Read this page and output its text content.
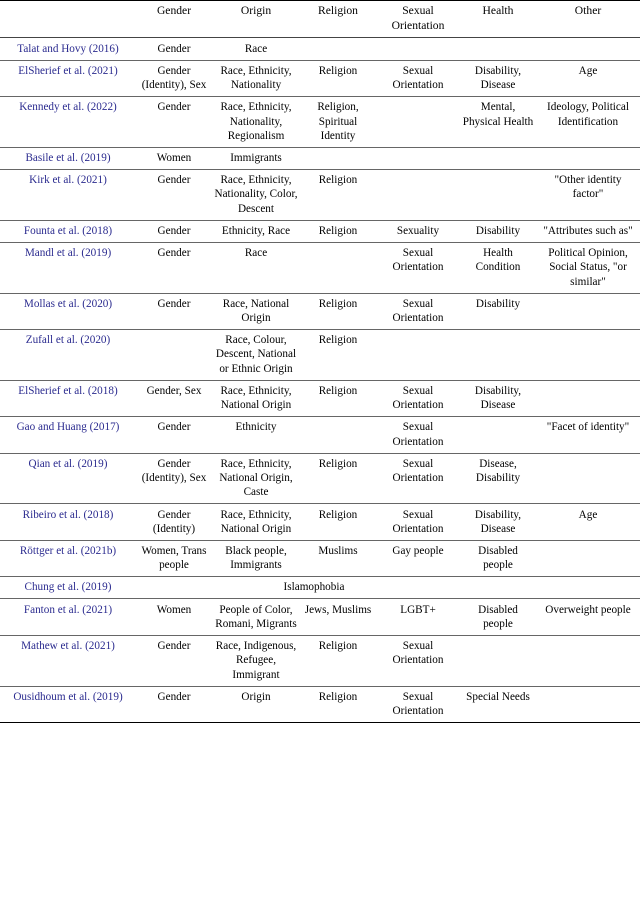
	Gender	Origin	Religion	Sexual Orientation	Health	Other
Talat and Hovy (2016)	Gender	Race				
ElSherief et al. (2021)	Gender (Identity), Sex	Race, Ethnicity, Nationality	Religion	Sexual Orientation	Disability, Disease	Age
Kennedy et al. (2022)	Gender	Race, Ethnicity, Nationality, Regionalism	Religion, Spiritual Identity		Mental, Physical Health	Ideology, Political Identification
Basile et al. (2019)	Women	Immigrants				
Kirk et al. (2021)	Gender	Race, Ethnicity, Nationality, Color, Descent	Religion			"Other identity factor"
Founta et al. (2018)	Gender	Ethnicity, Race	Religion	Sexuality	Disability	"Attributes such as"
Mandl et al. (2019)	Gender	Race		Sexual Orientation	Health Condition	Political Opinion, Social Status, "or similar"
Mollas et al. (2020)	Gender	Race, National Origin	Religion	Sexual Orientation	Disability	
Zufall et al. (2020)		Race, Colour, Descent, National or Ethnic Origin	Religion			
ElSherief et al. (2018)	Gender, Sex	Race, Ethnicity, National Origin	Religion	Sexual Orientation	Disability, Disease	
Gao and Huang (2017)	Gender	Ethnicity		Sexual Orientation		"Facet of identity"
Qian et al. (2019)	Gender (Identity), Sex	Race, Ethnicity, National Origin, Caste	Religion	Sexual Orientation	Disease, Disability	
Ribeiro et al. (2018)	Gender (Identity)	Race, Ethnicity, National Origin	Religion	Sexual Orientation	Disability, Disease	Age
Röttger et al. (2021b)	Women, Trans people	Black people, Immigrants	Muslims	Gay people	Disabled people	
Chung et al. (2019)	Islamophobia					
Fanton et al. (2021)	Women	People of Color, Romani, Migrants	Jews, Muslims	LGBT+	Disabled people	Overweight people
Mathew et al. (2021)	Gender	Race, Indigenous, Refugee, Immigrant	Religion	Sexual Orientation		
Ousidhoum et al. (2019)	Gender	Origin	Religion	Sexual Orientation	Special Needs	
